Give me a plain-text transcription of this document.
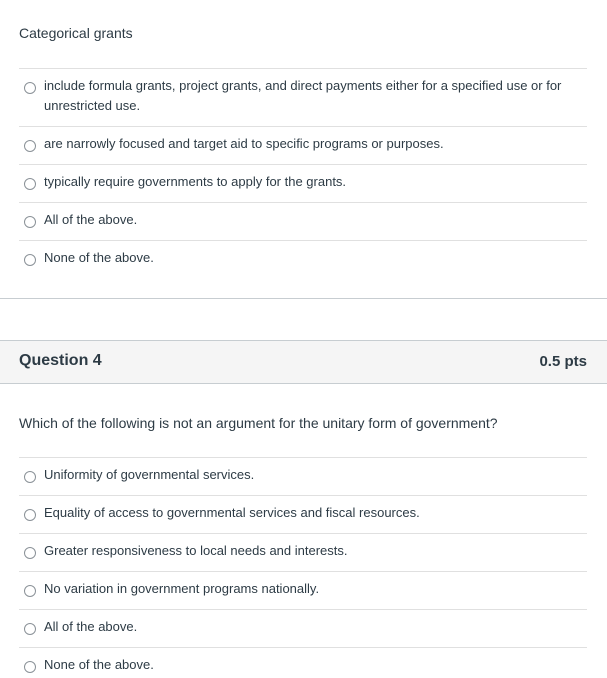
Categorical grants
include formula grants, project grants, and direct payments either for a specified use or for unrestricted use.
are narrowly focused and target aid to specific programs or purposes.
typically require governments to apply for the grants.
All of the above.
None of the above.
Question 4	0.5 pts
Which of the following is not an argument for the unitary form of government?
Uniformity of governmental services.
Equality of access to governmental services and fiscal resources.
Greater responsiveness to local needs and interests.
No variation in government programs nationally.
All of the above.
None of the above.
